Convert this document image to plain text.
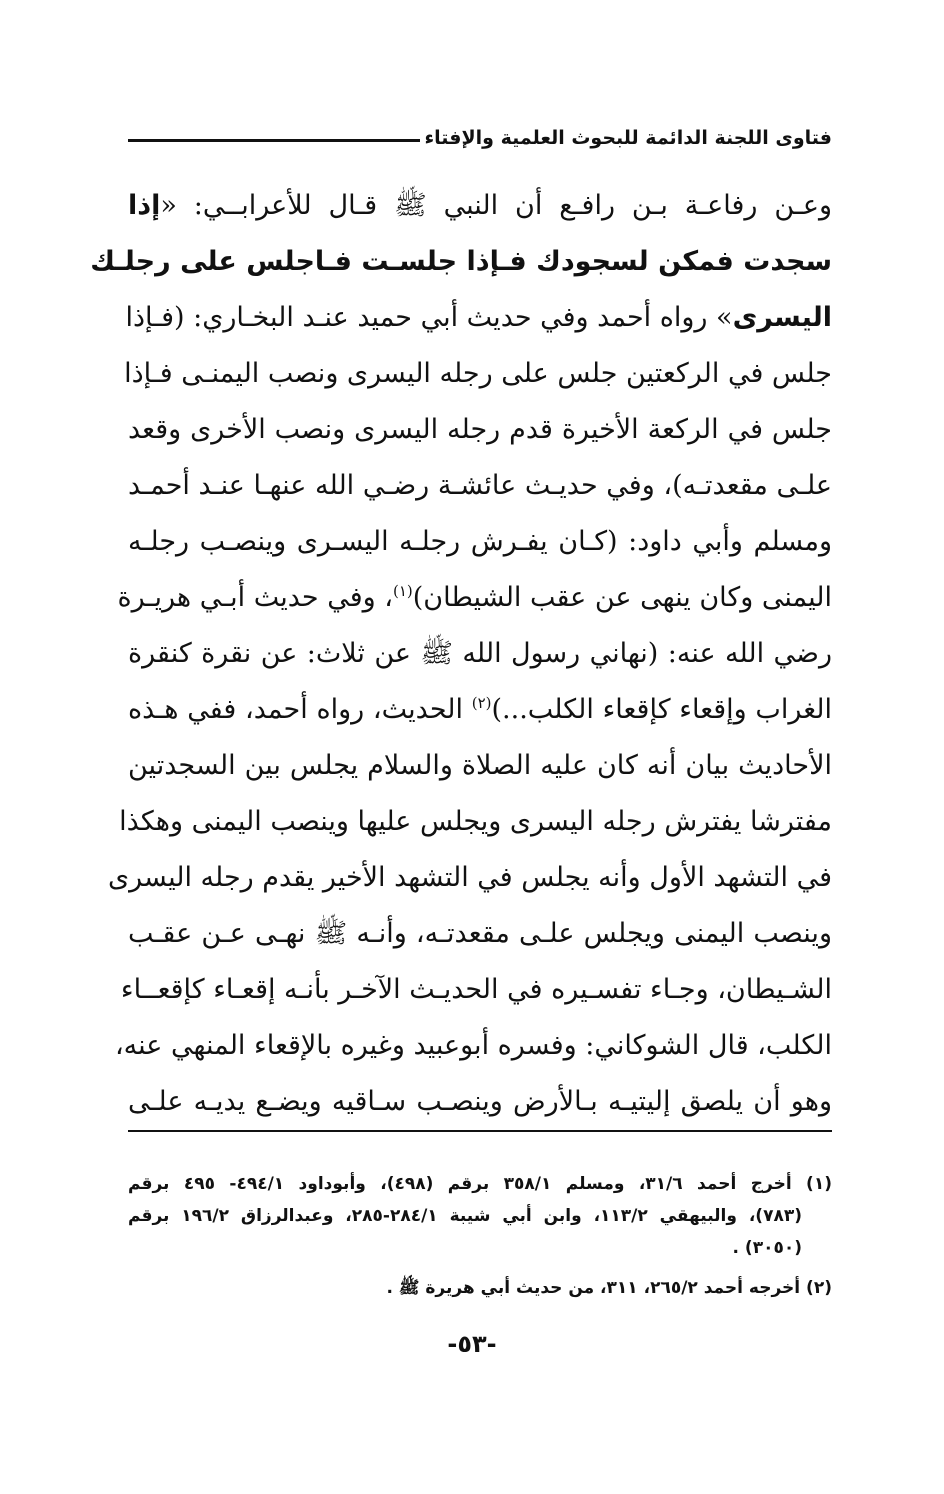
فتاوى اللجنة الدائمة للبحوث العلمية والإفتاء
وعـن رفاعـة بـن رافـع أن النبي ﷺ قـال للأعرابــي: «إذا
سجدت فمكن لسجودك فـإذا جلسـت فـاجلس على رجلـك
اليسرى» رواه أحمد وفي حديث أبي حميد عنـد البخـاري: (فـإذا
جلس في الركعتين جلس على رجله اليسرى ونصب اليمنـى فـإذا
جلس في الركعة الأخيرة قدم رجله اليسرى ونصب الأخرى وقعد
علـى مقعدتـه)، وفي حديـث عائشـة رضـي الله عنهـا عنـد أحمـد
ومسلم وأبي داود: (كـان يفـرش رجلـه اليسـرى وينصـب رجلـه
اليمنى وكان ينهى عن عقب الشيطان)$^{(١)}$، وفي حديث أبـي هريـرة
رضي الله عنه: (نهاني رسول الله ﷺ عن ثلاث: عن نقرة كنقرة
الغراب وإقعاء كإقعاء الكلب...)$^{(٢)}$ الحديث، رواه أحمد، ففي هـذه
الأحاديث بيان أنه كان عليه الصلاة والسلام يجلس بين السجدتين
مفترشا يفترش رجله اليسرى ويجلس عليها وينصب اليمنى وهكذا
في التشهد الأول وأنه يجلس في التشهد الأخير يقدم رجله اليسرى
وينصب اليمنى ويجلس علـى مقعدتـه، وأنـه ﷺ نهـى عـن عقـب
الشـيطان، وجـاء تفسـيره في الحديـث الآخـر بأنـه إقعـاء كإقعــاء
الكلب، قال الشوكاني: وفسره أبوعبيد وغيره بالإقعاء المنهي عنه،
وهو أن يلصق إليتيـه بـالأرض وينصـب سـاقيه ويضـع يديـه علـى
(١) أخرج أحمد ٣١/٦، ومسلم ٣٥٨/١ برقم (٤٩٨)، وأبوداود ٤٩٤/١- ٤٩٥ برقم
(٧٨٣)، والبيهقي ١١٣/٢، وابن أبي شيبة ٢٨٤/١-٢٨٥، وعبدالرزاق ١٩٦/٢ برقم
(٣٠٥٠) .
(٢) أخرجه أحمد ٢٦٥/٢، ٣١١، من حديث أبي هريرة ﷺ .
-٥٣-
